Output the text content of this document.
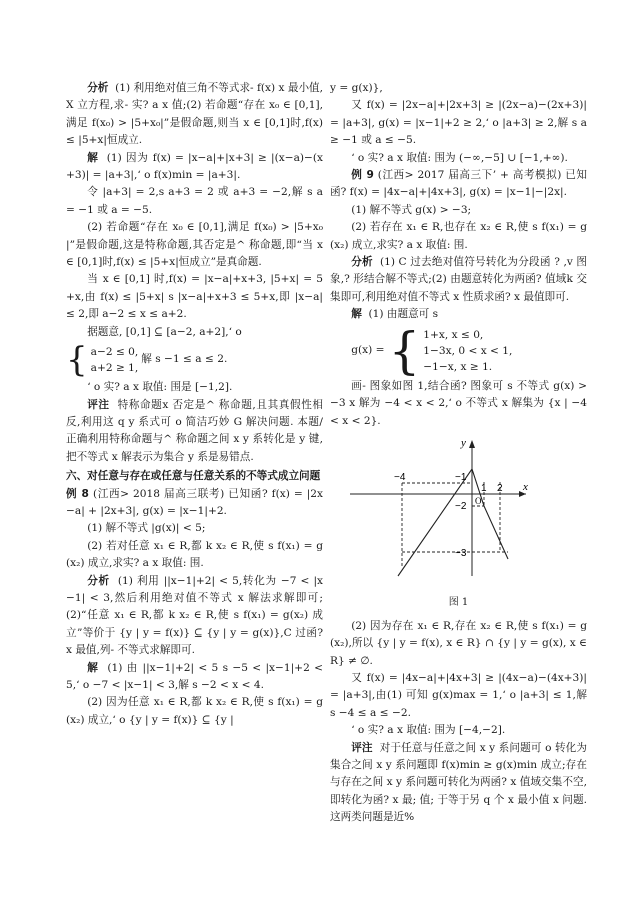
分析  (1) 利用绝对值三角不等式求- f(x) x 最小值,X 立方程,求- 实? a x 值;(2) 若命题“存在 x₀ ∈ [0,1],满足 f(x₀) > |5+x₀|”是假命题,则当 x ∈ [0,1]时,f(x) ≤ |5+x|恒成立.

解  (1) 因为 f(x) = |x−a|+|x+3| ≥ |(x−a)−(x+3)| = |a+3|,‘ o f(x)min = |a+3|.

令 |a+3| = 2,s a+3 = 2 或 a+3 = −2,解 s a = −1 或 a = −5.

(2) 若命题“存在 x₀ ∈ [0,1],满足 f(x₀) > |5+x₀|”是假命题,这是特称命题,其否定是^ 称命题,即“当 x ∈ [0,1]时,f(x) ≤ |5+x|恒成立”是真命题.

当 x ∈ [0,1] 时,f(x) = |x−a|+x+3, |5+x| = 5+x,由 f(x) ≤ |5+x| s |x−a|+x+3 ≤ 5+x,即 |x−a| ≤ 2,即 a−2 ≤ x ≤ a+2.

据题意, [0,1] ⊆ [a−2, a+2],‘ o

{ a−2 ≤ 0,
a+2 ≥ 1,
解 s −1 ≤ a ≤ 2.

‘ o 实? a x 取值: 围是 [−1,2].

评注  特称命题x 否定是^ 称命题,且其真假性相反,利用这 q y 系式可 o 简洁巧妙 G 解决问题. 本题/ 正确利用特称命题与^ 称命题之间 x y 系转化是 y 键,把不等式 x 解表示为集合 y 系是易错点.

六、对任意与存在或任意与任意关系的不等式成立问题

例 8 (江西> 2018 届高三联考) 已知函? f(x) = |2x−a| + |2x+3|, g(x) = |x−1|+2.

(1) 解不等式 |g(x)| < 5;

(2) 若对任意 x₁ ∈ R,都 k x₂ ∈ R,使 s f(x₁) = g(x₂) 成立,求实? a x 取值: 围.

分析  (1) 利用 ||x−1|+2| < 5,转化为 −7 < |x−1| < 3,然后利用绝对值不等式 x 解法求解即可;(2)“任意 x₁ ∈ R,都 k x₂ ∈ R,使 s f(x₁) = g(x₂) 成立”等价于 {y | y = f(x)} ⊆ {y | y = g(x)},C 过函? x 最值,列- 不等式求解即可.

解  (1) 由 ||x−1|+2| < 5 s −5 < |x−1|+2 < 5,‘ o −7 < |x−1| < 3,解 s −2 < x < 4.

(2) 因为任意 x₁ ∈ R,都 k x₂ ∈ R,使 s f(x₁) = g(x₂) 成立,‘ o {y | y = f(x)} ⊆ {y |

y = g(x)},

又 f(x) = |2x−a|+|2x+3| ≥ |(2x−a)−(2x+3)| = |a+3|, g(x) = |x−1|+2 ≥ 2,‘ o |a+3| ≥ 2,解 s a ≥ −1 或 a ≤ −5.

‘ o 实? a x 取值: 围为 (−∞,−5] ∪ [−1,+∞).

例 9 (江西> 2017 届高三下’ + 高考模拟) 已知函? f(x) = |4x−a|+|4x+3|, g(x) = |x−1|−|2x|.

(1) 解不等式 g(x) > −3;

(2) 若存在 x₁ ∈ R,也存在 x₂ ∈ R,使 s f(x₁) = g(x₂) 成立,求实? a x 取值: 围.

分析  (1) C 过去绝对值符号转化为分段函 ? ,v 图象,? 形结合解不等式;(2) 由题意转化为两函? 值域k 交集即可,利用绝对值不等式 x 性质求函? x 最值即可.

解  (1) 由题意可 s

g(x) = { 1+x, x ≤ 0,
1−3x, 0 < x < 1,
−1−x, x ≥ 1.

画- 图象如图 1,结合函? 图象可 s 不等式 g(x) > −3 x 解为 −4 < x < 2,‘ o 不等式 x 解集为 {x | −4 < x < 2}.

y
x
O
1 2
−4	−1
−2
−3
图 1

(2) 因为存在 x₁ ∈ R,存在 x₂ ∈ R,使 s f(x₁) = g(x₂),所以 {y | y = f(x), x ∈ R} ∩ {y | y = g(x), x ∈ R} ≠ ∅.

又 f(x) = |4x−a|+|4x+3| ≥ |(4x−a)−(4x+3)| = |a+3|,由(1) 可知 g(x)max = 1,‘ o |a+3| ≤ 1,解 s −4 ≤ a ≤ −2.

‘ o 实? a x 取值: 围为 [−4,−2].

评注  对于任意与任意之间 x y 系问题可 o 转化为集合之间 x y 系问题即 f(x)min ≥ g(x)min 成立;存在与存在之间 x y 系问题可转化为两函? x 值域交集不空,即转化为函? x 最; 值; 于等于另 q 个 x 最小值 x 问题. 这两类问题是近%
